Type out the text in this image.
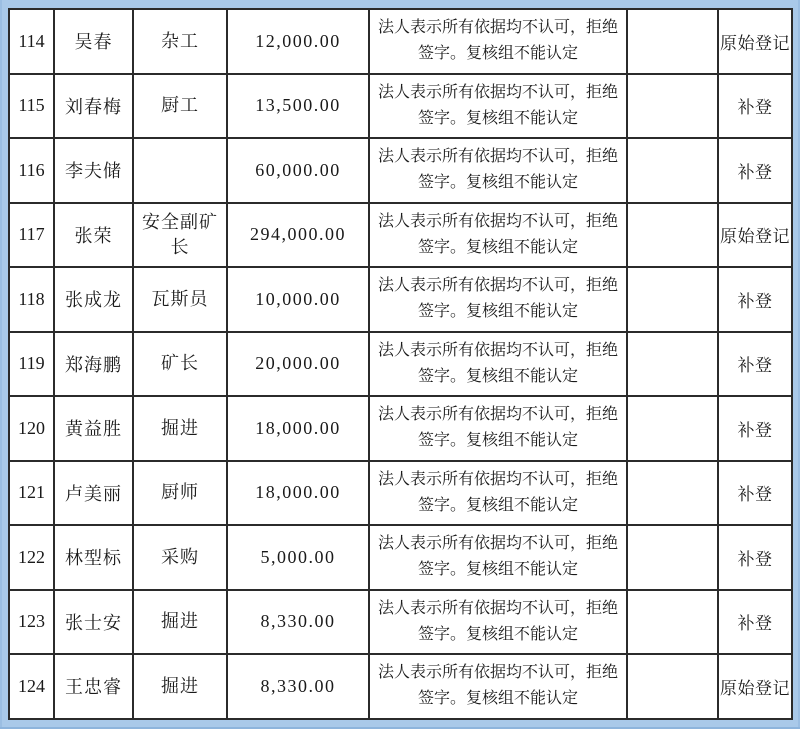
114	吴春	杂工	12,000.00	法人表示所有依据均不认可，拒绝签字。复核组不能认定		原始登记
115	刘春梅	厨工	13,500.00	法人表示所有依据均不认可，拒绝签字。复核组不能认定		补登
116	李夫储		60,000.00	法人表示所有依据均不认可，拒绝签字。复核组不能认定		补登
117	张荣	安全副矿长	294,000.00	法人表示所有依据均不认可，拒绝签字。复核组不能认定		原始登记
118	张成龙	瓦斯员	10,000.00	法人表示所有依据均不认可，拒绝签字。复核组不能认定		补登
119	郑海鹏	矿长	20,000.00	法人表示所有依据均不认可，拒绝签字。复核组不能认定		补登
120	黄益胜	掘进	18,000.00	法人表示所有依据均不认可，拒绝签字。复核组不能认定		补登
121	卢美丽	厨师	18,000.00	法人表示所有依据均不认可，拒绝签字。复核组不能认定		补登
122	林型标	采购	5,000.00	法人表示所有依据均不认可，拒绝签字。复核组不能认定		补登
123	张士安	掘进	8,330.00	法人表示所有依据均不认可，拒绝签字。复核组不能认定		补登
124	王忠睿	掘进	8,330.00	法人表示所有依据均不认可，拒绝签字。复核组不能认定		原始登记
